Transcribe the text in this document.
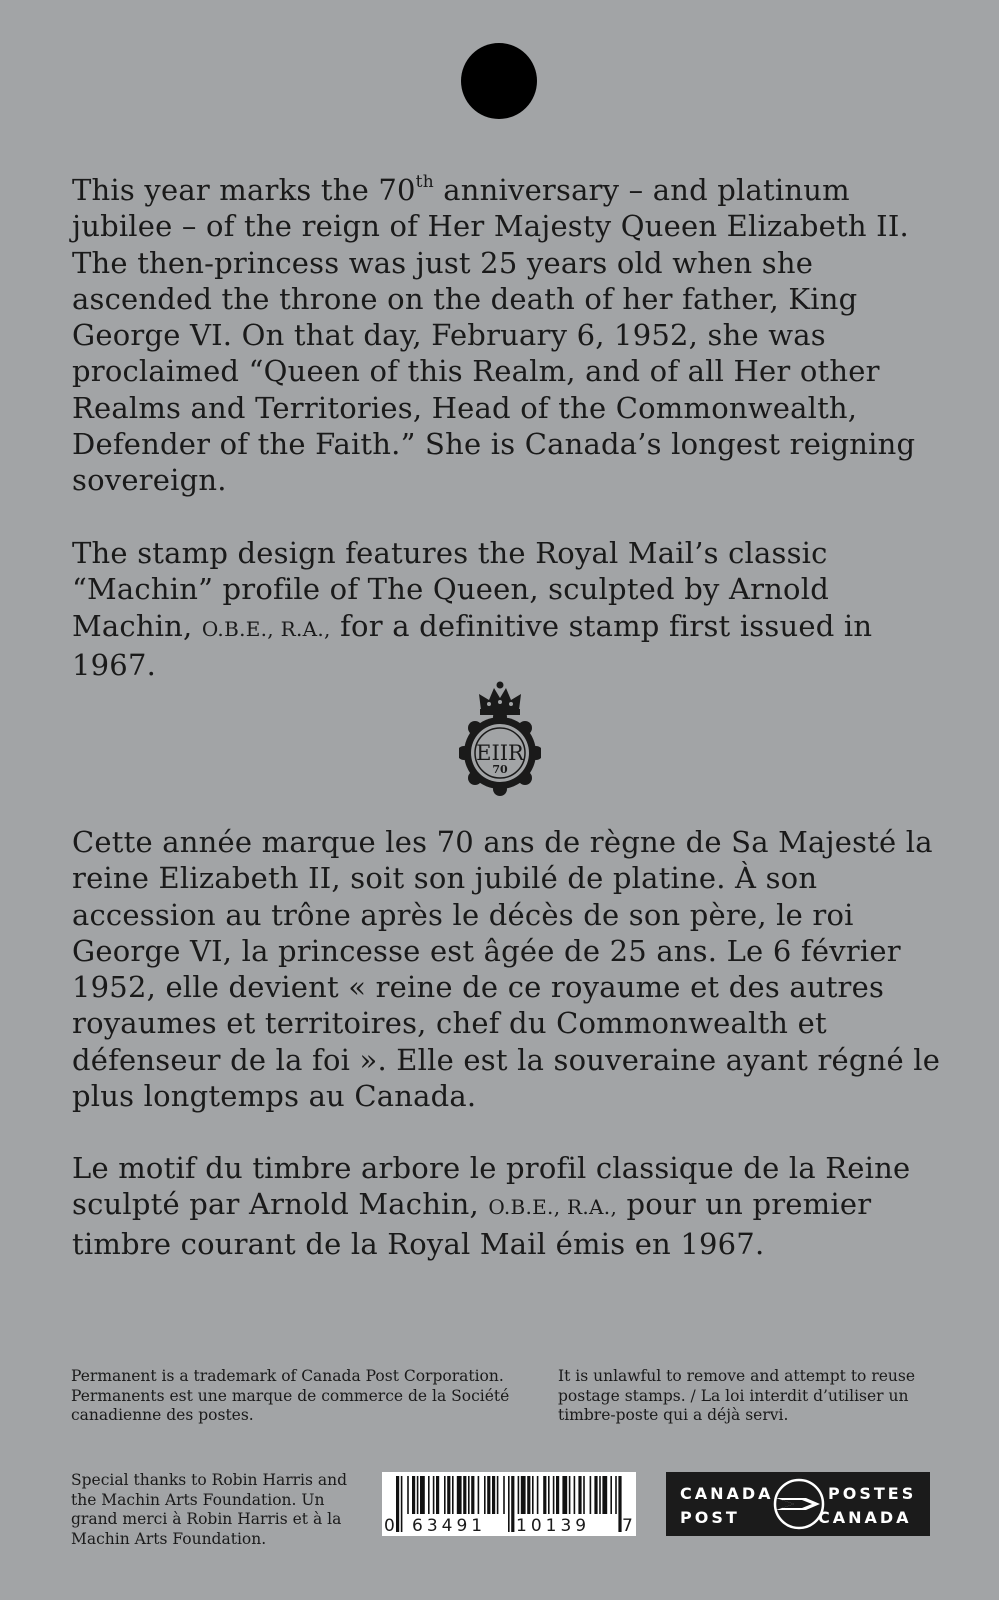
This year marks the 70th anniversary – and platinum jubilee – of the reign of Her Majesty Queen Elizabeth II. The then-princess was just 25 years old when she ascended the throne on the death of her father, King George VI. On that day, February 6, 1952, she was proclaimed “Queen of this Realm, and of all Her other Realms and Territories, Head of the Commonwealth, Defender of the Faith.” She is Canada’s longest reigning sovereign.

The stamp design features the Royal Mail’s classic “Machin” profile of The Queen, sculpted by Arnold Machin, O.B.E., R.A., for a definitive stamp first issued in 1967.

EIIR
70

Cette année marque les 70 ans de règne de Sa Majesté la reine Elizabeth II, soit son jubilé de platine. À son accession au trône après le décès de son père, le roi George VI, la princesse est âgée de 25 ans. Le 6 février 1952, elle devient « reine de ce royaume et des autres royaumes et territoires, chef du Commonwealth et défenseur de la foi ». Elle est la souveraine ayant régné le plus longtemps au Canada.

Le motif du timbre arbore le profil classique de la Reine sculpté par Arnold Machin, O.B.E., R.A., pour un premier timbre courant de la Royal Mail émis en 1967.

Permanent is a trademark of Canada Post Corporation. Permanents est une marque de commerce de la Société canadienne des postes.

It is unlawful to remove and attempt to reuse postage stamps. / La loi interdit d’utiliser un timbre-poste qui a déjà servi.

Special thanks to Robin Harris and the Machin Arts Foundation. Un grand merci à Robin Harris et à la Machin Arts Foundation.

0 63491 10139 7
CANADA
POST
POSTES
CANADA
